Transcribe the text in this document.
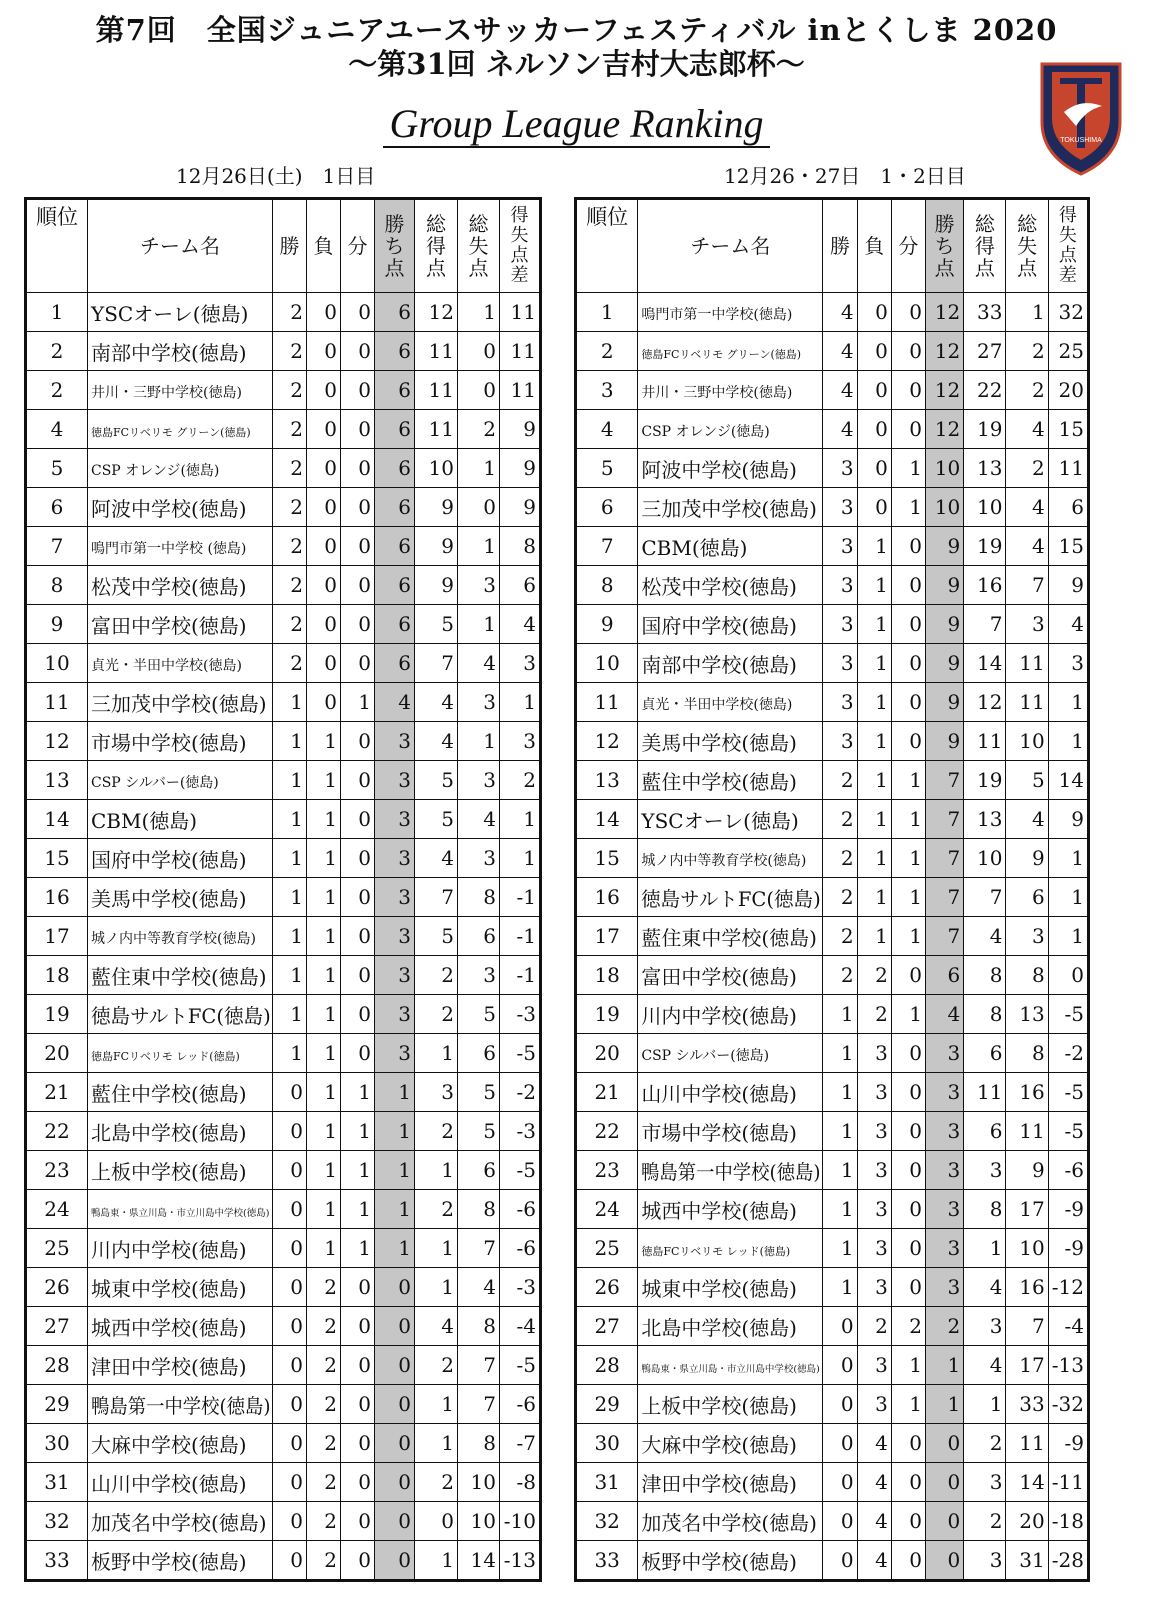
第7回　全国ジュニアユースサッカーフェスティバル inとくしま 2020
～第31回 ネルソン吉村大志郎杯～
Group League Ranking	TOKUSHIMA
12月26日(土)　1日目	12月26・27日　1・2日目
順位	チーム名	勝	負	分	勝ち点	総得点	総失点	得失点差
1	YSCオーレ(徳島)	2	0	0	6	12	1	11
2	南部中学校(徳島)	2	0	0	6	11	0	11
2	井川・三野中学校(徳島)	2	0	0	6	11	0	11
4	徳島FCリベリモ グリーン(徳島)	2	0	0	6	11	2	9
5	CSP オレンジ(徳島)	2	0	0	6	10	1	9
6	阿波中学校(徳島)	2	0	0	6	9	0	9
7	鳴門市第一中学校 (徳島)	2	0	0	6	9	1	8
8	松茂中学校(徳島)	2	0	0	6	9	3	6
9	富田中学校(徳島)	2	0	0	6	5	1	4
10	貞光・半田中学校(徳島)	2	0	0	6	7	4	3
11	三加茂中学校(徳島)	1	0	1	4	4	3	1
12	市場中学校(徳島)	1	1	0	3	4	1	3
13	CSP シルバー(徳島)	1	1	0	3	5	3	2
14	CBM(徳島)	1	1	0	3	5	4	1
15	国府中学校(徳島)	1	1	0	3	4	3	1
16	美馬中学校(徳島)	1	1	0	3	7	8	-1
17	城ノ内中等教育学校(徳島)	1	1	0	3	5	6	-1
18	藍住東中学校(徳島)	1	1	0	3	2	3	-1
19	徳島サルトFC(徳島)	1	1	0	3	2	5	-3
20	徳島FCリベリモ レッド(徳島)	1	1	0	3	1	6	-5
21	藍住中学校(徳島)	0	1	1	1	3	5	-2
22	北島中学校(徳島)	0	1	1	1	2	5	-3
23	上板中学校(徳島)	0	1	1	1	1	6	-5
24	鴨島東・県立川島・市立川島中学校(徳島)	0	1	1	1	2	8	-6
25	川内中学校(徳島)	0	1	1	1	1	7	-6
26	城東中学校(徳島)	0	2	0	0	1	4	-3
27	城西中学校(徳島)	0	2	0	0	4	8	-4
28	津田中学校(徳島)	0	2	0	0	2	7	-5
29	鴨島第一中学校(徳島)	0	2	0	0	1	7	-6
30	大麻中学校(徳島)	0	2	0	0	1	8	-7
31	山川中学校(徳島)	0	2	0	0	2	10	-8
32	加茂名中学校(徳島)	0	2	0	0	0	10	-10
33	板野中学校(徳島)	0	2	0	0	1	14	-13
順位	チーム名	勝	負	分	勝ち点	総得点	総失点	得失点差
1	鳴門市第一中学校(徳島)	4	0	0	12	33	1	32
2	徳島FCリベリモ グリーン(徳島)	4	0	0	12	27	2	25
3	井川・三野中学校(徳島)	4	0	0	12	22	2	20
4	CSP オレンジ(徳島)	4	0	0	12	19	4	15
5	阿波中学校(徳島)	3	0	1	10	13	2	11
6	三加茂中学校(徳島)	3	0	1	10	10	4	6
7	CBM(徳島)	3	1	0	9	19	4	15
8	松茂中学校(徳島)	3	1	0	9	16	7	9
9	国府中学校(徳島)	3	1	0	9	7	3	4
10	南部中学校(徳島)	3	1	0	9	14	11	3
11	貞光・半田中学校(徳島)	3	1	0	9	12	11	1
12	美馬中学校(徳島)	3	1	0	9	11	10	1
13	藍住中学校(徳島)	2	1	1	7	19	5	14
14	YSCオーレ(徳島)	2	1	1	7	13	4	9
15	城ノ内中等教育学校(徳島)	2	1	1	7	10	9	1
16	徳島サルトFC(徳島)	2	1	1	7	7	6	1
17	藍住東中学校(徳島)	2	1	1	7	4	3	1
18	富田中学校(徳島)	2	2	0	6	8	8	0
19	川内中学校(徳島)	1	2	1	4	8	13	-5
20	CSP シルバー(徳島)	1	3	0	3	6	8	-2
21	山川中学校(徳島)	1	3	0	3	11	16	-5
22	市場中学校(徳島)	1	3	0	3	6	11	-5
23	鴨島第一中学校(徳島)	1	3	0	3	3	9	-6
24	城西中学校(徳島)	1	3	0	3	8	17	-9
25	徳島FCリベリモ レッド(徳島)	1	3	0	3	1	10	-9
26	城東中学校(徳島)	1	3	0	3	4	16	-12
27	北島中学校(徳島)	0	2	2	2	3	7	-4
28	鴨島東・県立川島・市立川島中学校(徳島)	0	3	1	1	4	17	-13
29	上板中学校(徳島)	0	3	1	1	1	33	-32
30	大麻中学校(徳島)	0	4	0	0	2	11	-9
31	津田中学校(徳島)	0	4	0	0	3	14	-11
32	加茂名中学校(徳島)	0	4	0	0	2	20	-18
33	板野中学校(徳島)	0	4	0	0	3	31	-28
